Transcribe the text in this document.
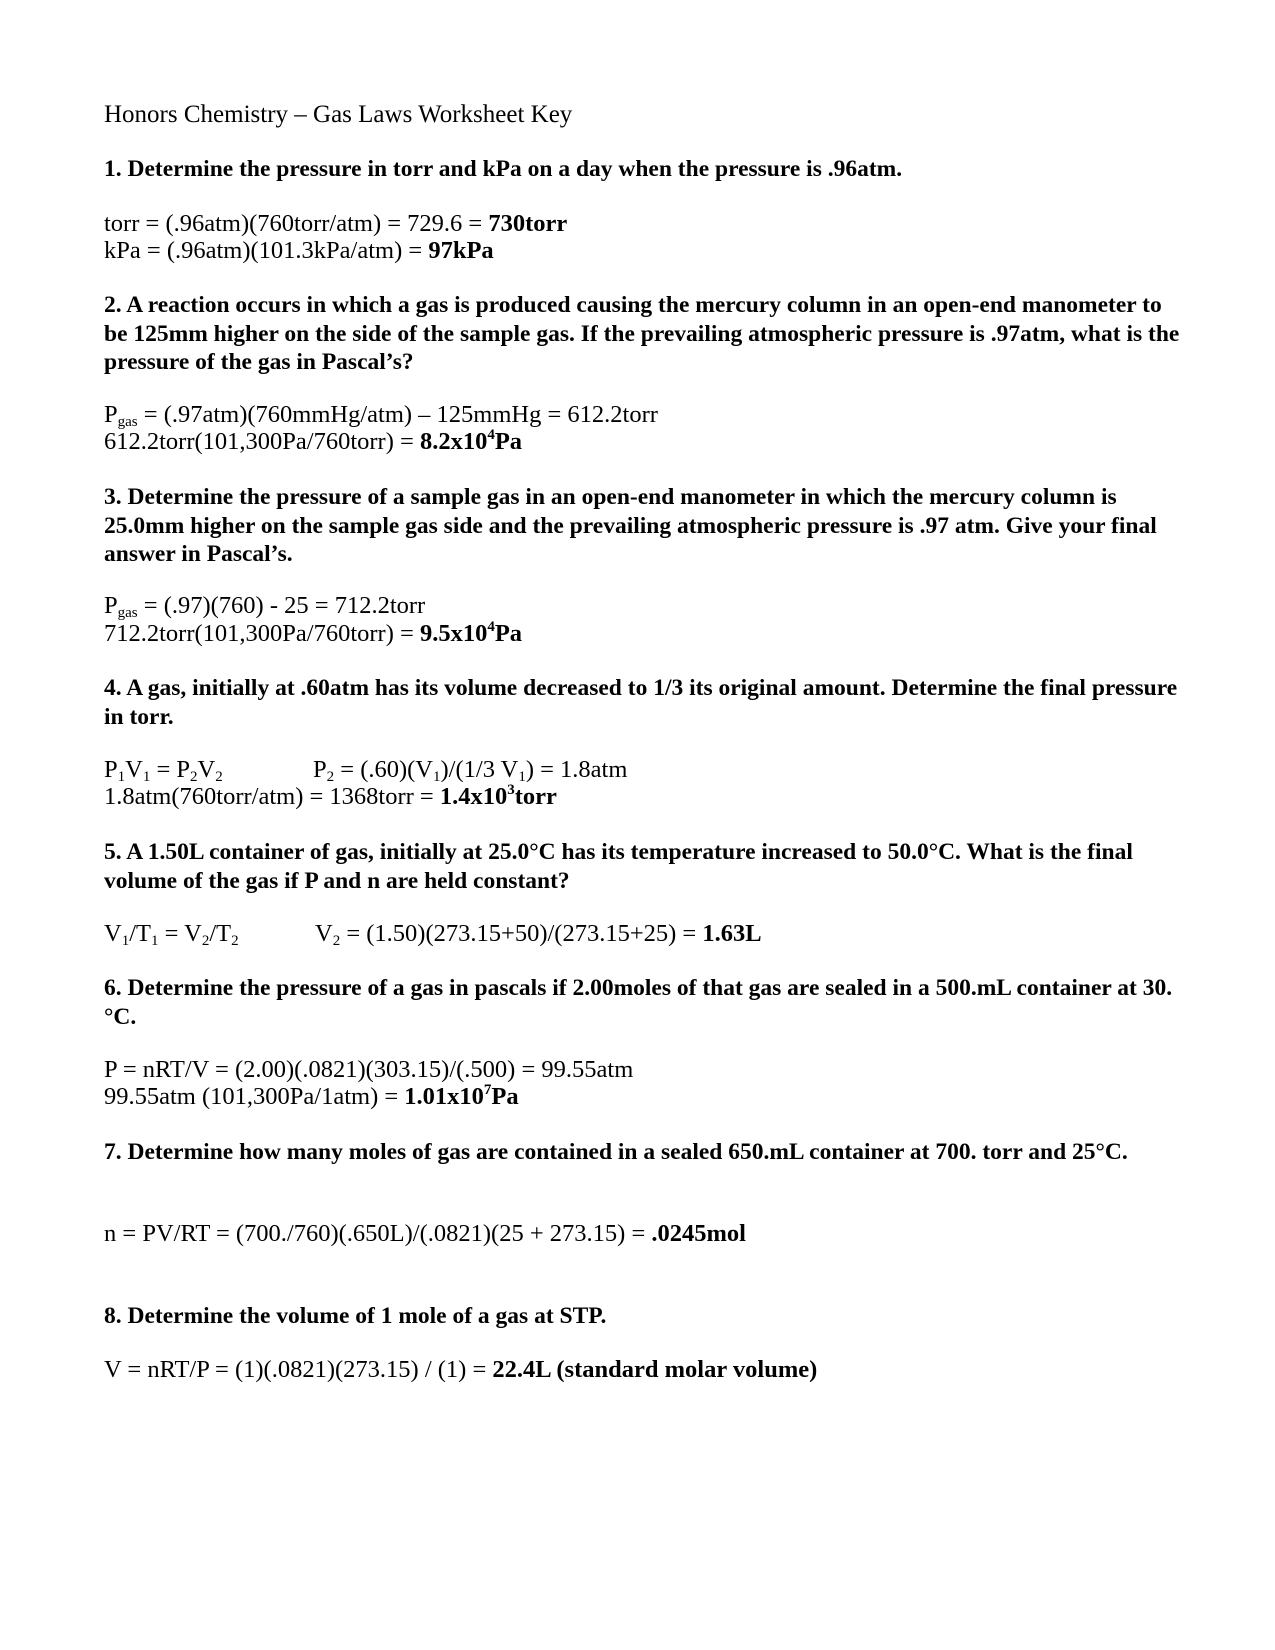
Honors Chemistry – Gas Laws Worksheet Key
1. Determine the pressure in torr and kPa on a day when the pressure is .96atm.
torr = (.96atm)(760torr/atm) = 729.6 = 730torr
kPa = (.96atm)(101.3kPa/atm) = 97kPa
2. A reaction occurs in which a gas is produced causing the mercury column in an open-end manometer to be 125mm higher on the side of the sample gas. If the prevailing atmospheric pressure is .97atm, what is the pressure of the gas in Pascal’s?
$P_{gas}$ = (.97atm)(760mmHg/atm) – 125mmHg = 612.2torr
612.2torr(101,300Pa/760torr) = $8.2x10^4Pa$
3. Determine the pressure of a sample gas in an open-end manometer in which the mercury column is 25.0mm higher on the sample gas side and the prevailing atmospheric pressure is .97 atm. Give your final answer in Pascal’s.
$P_{gas} = (.97)(760) - 25$ = 712.2torr
712.2torr(101,300Pa/760torr) = $9.5x10^4Pa$
4. A gas, initially at .60atm has its volume decreased to 1/3 its original amount. Determine the final pressure in torr.
$P_1V_1 = P_2V_2$	$P_2 = (.60)(V_1)/(1/3$ $V_1) = 1.8atm$
1.8atm(760torr/atm) = 1368torr = $1.4x10^3torr$
5. A 1.50L container of gas, initially at 25.0°C has its temperature increased to 50.0°C. What is the final volume of the gas if P and n are held constant?
$V_1/T_1 = V_2/T_2$	$V_2 = (1.50)(273.15+50)/(273.15+25) = 1.63L$
6. Determine the pressure of a gas in pascals if 2.00moles of that gas are sealed in a 500.mL container at 30.°C.
P = nRT/V = (2.00)(.0821)(303.15)/(.500) = 99.55atm
99.55atm $(101,300Pa/1atm) = 1.01x10^7Pa$
7. Determine how many moles of gas are contained in a sealed 650.mL container at 700. torr and 25°C.
n = PV/RT = (700./760)(.650L)/(.0821)(25 + 273.15) = .0245mol
8. Determine the volume of 1 mole of a gas at STP.
V = nRT/P = (1)(.0821)(273.15) / (1) = 22.4L (standard molar volume)
